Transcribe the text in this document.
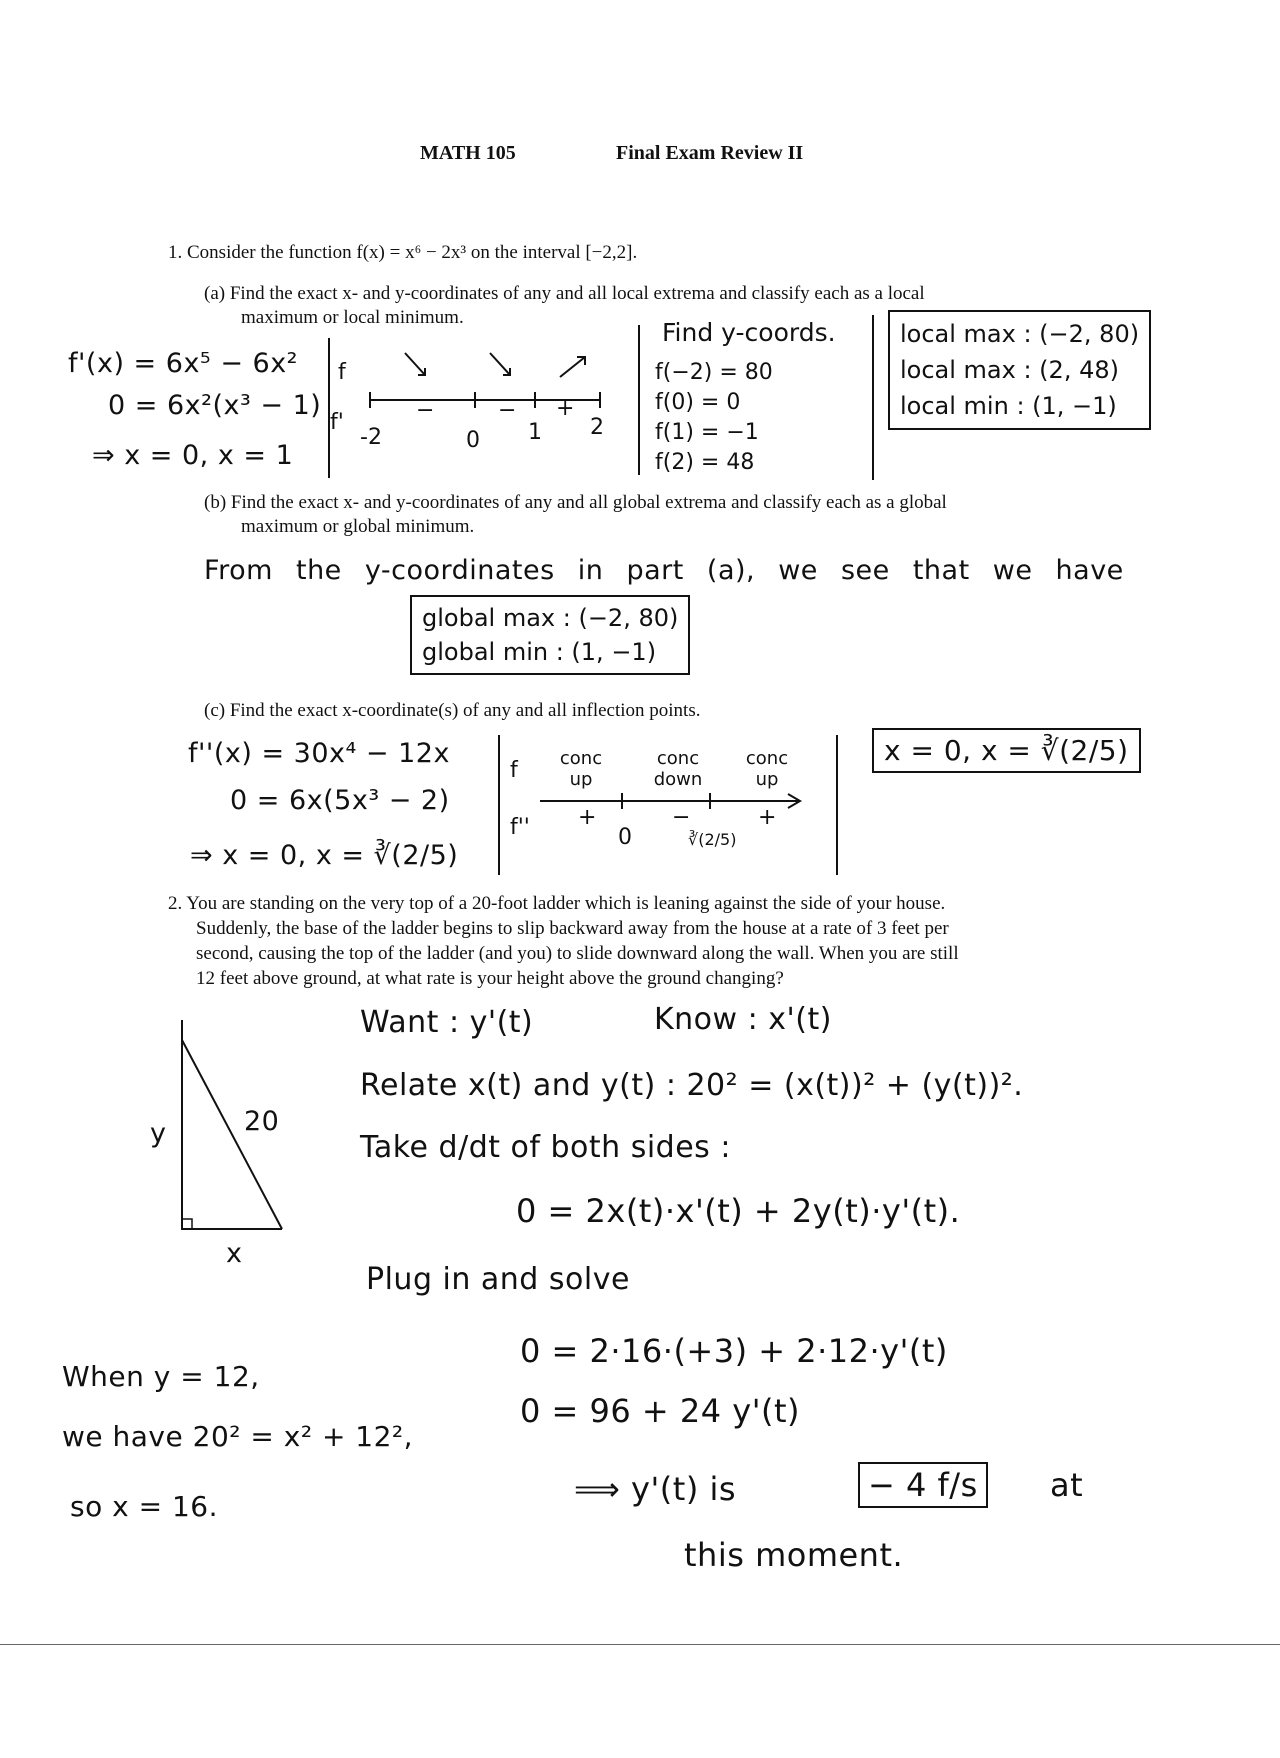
MATH 105	Final Exam Review II
1. Consider the function f(x) = x⁶ − 2x³ on the interval [−2,2].
(a) Find the exact x- and y-coordinates of any and all local extrema and classify each as a local
maximum or local minimum.
f'(x) = 6x⁵ − 6x²
0 = 6x²(x³ − 1)
⇒ x = 0, x = 1
f
f'
-2	0 1 2
−	− +
Find y-coords.
f(−2) = 80
f(0) = 0
f(1) = −1
f(2) = 48
local max : (−2, 80)
local max : (2, 48)
local min : (1, −1)
(b) Find the exact x- and y-coordinates of any and all global extrema and classify each as a global
maximum or global minimum.
From the y-coordinates in part (a), we see that we have
global max : (−2, 80)
global min : (1, −1)
(c) Find the exact x-coordinate(s) of any and all inflection points.
f''(x) = 30x⁴ − 12x
0 = 6x(5x³ − 2)
⇒ x = 0, x = ∛(2/5)
f
f''
conc up
conc down
conc up
+	−	+
0	∛(2/5)
x = 0, x = ∛(2/5)
2. You are standing on the very top of a 20-foot ladder which is leaning against the side of your house.
Suddenly, the base of the ladder begins to slip backward away from the house at a rate of 3 feet per
second, causing the top of the ladder (and you) to slide downward along the wall. When you are still
12 feet above ground, at what rate is your height above the ground changing?
20
y
x
Want : y'(t)	Know : x'(t)
Relate x(t) and y(t) : 20² = (x(t))² + (y(t))².
Take d/dt of both sides :
0 = 2x(t)·x'(t) + 2y(t)·y'(t).
Plug in and solve
0 = 2·16·(+3) + 2·12·y'(t)
0 = 96 + 24 y'(t)
⟹ y'(t) is	− 4 f/s	at
this moment.
When y = 12,
we have 20² = x² + 12²,
so x = 16.
